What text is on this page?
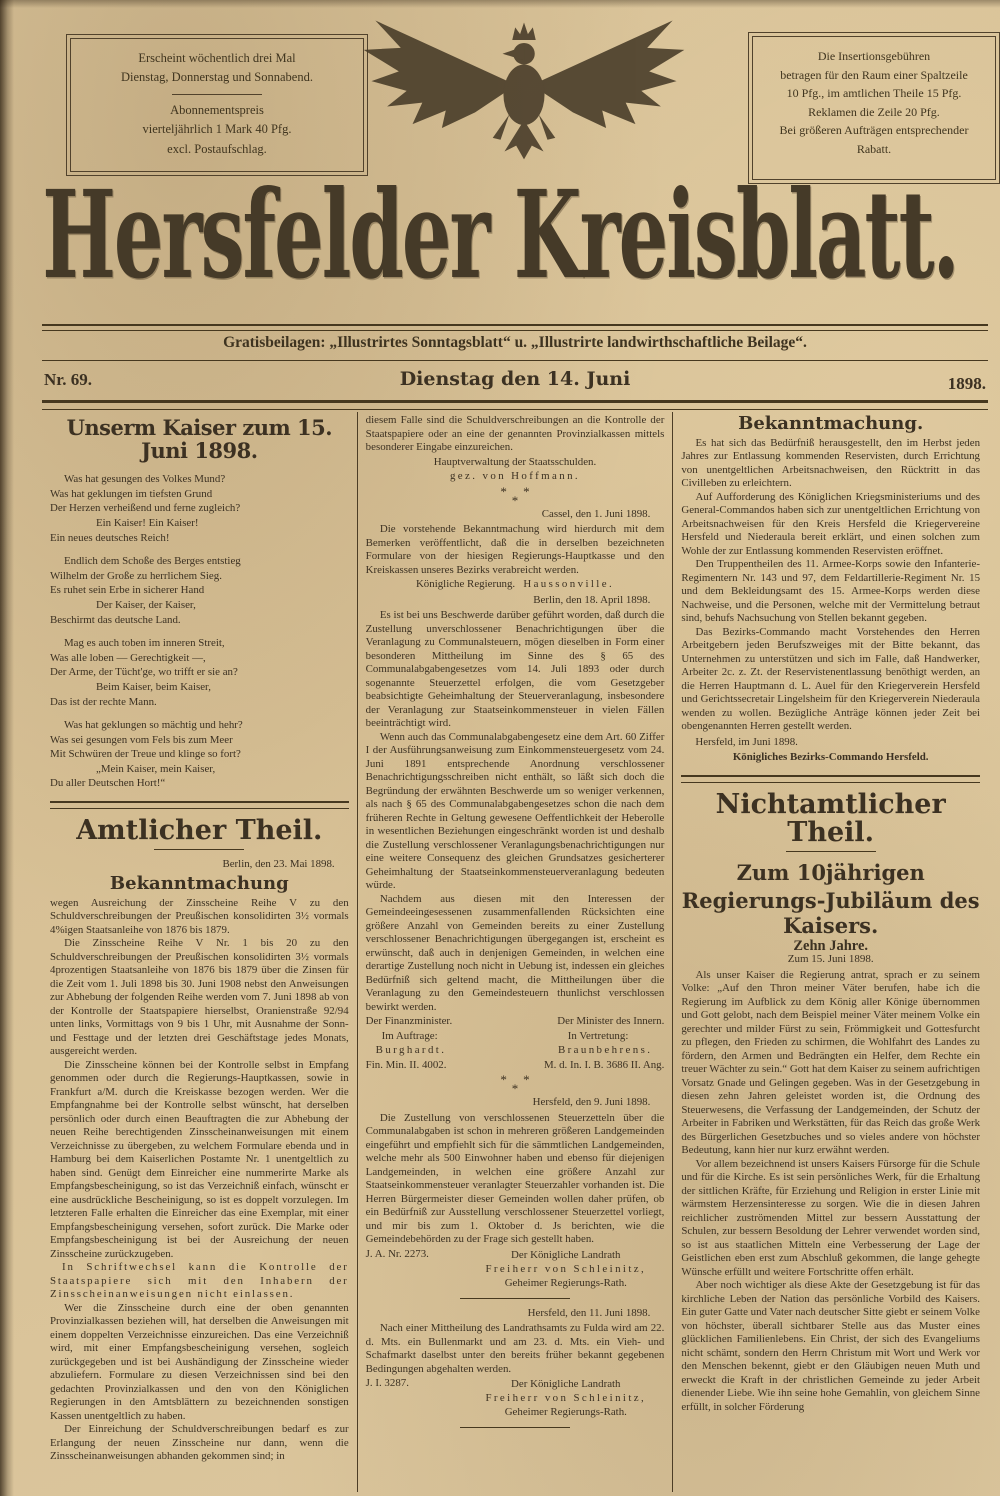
Erscheint wöchentlich drei Mal
Dienstag, Donnerstag und Sonnabend.
Abonnementspreis
vierteljährlich 1 Mark 40 Pfg.
excl. Postaufschlag.
Die Insertionsgebühren
betragen für den Raum einer Spaltzeile
10 Pfg., im amtlichen Theile 15 Pfg.
Reklamen die Zeile 20 Pfg.
Bei größeren Aufträgen entsprechender
Rabatt.
Hersfelder Kreisblatt.
Gratisbeilagen: „Illustrirtes Sonntagsblatt“ u. „Illustrirte landwirthschaftliche Beilage“.
Nr. 69.	Dienstag den 14. Juni	1898.
Unserm Kaiser zum 15. Juni 1898.
Was hat gesungen des Volkes Mund?
Was hat geklungen im tiefsten Grund
Der Herzen verheißend und ferne zugleich?
Ein Kaiser! Ein Kaiser!
Ein neues deutsches Reich!
Endlich dem Schoße des Berges entstieg
Wilhelm der Große zu herrlichem Sieg.
Es ruhet sein Erbe in sicherer Hand
Der Kaiser, der Kaiser,
Beschirmt das deutsche Land.
Mag es auch toben im inneren Streit,
Was alle loben — Gerechtigkeit —,
Der Arme, der Tücht'ge, wo trifft er sie an?
Beim Kaiser, beim Kaiser,
Das ist der rechte Mann.
Was hat geklungen so mächtig und hehr?
Was sei gesungen vom Fels bis zum Meer
Mit Schwüren der Treue und klinge so fort?
„Mein Kaiser, mein Kaiser,
Du aller Deutschen Hort!“
Amtlicher Theil.
Berlin, den 23. Mai 1898.
Bekanntmachung

wegen Ausreichung der Zinsscheine Reihe V zu den Schuldverschreibungen der Preußischen konsolidirten 3½ vormals 4%igen Staatsanleihe von 1876 bis 1879.

Die Zinsscheine Reihe V Nr. 1 bis 20 zu den Schuldverschreibungen der Preußischen konsolidirten 3½ vormals 4prozentigen Staatsanleihe von 1876 bis 1879 über die Zinsen für die Zeit vom 1. Juli 1898 bis 30. Juni 1908 nebst den Anweisungen zur Abhebung der folgenden Reihe werden vom 7. Juni 1898 ab von der Kontrolle der Staatspapiere hierselbst, Oranienstraße 92/94 unten links, Vormittags von 9 bis 1 Uhr, mit Ausnahme der Sonn- und Festtage und der letzten drei Geschäftstage jedes Monats, ausgereicht werden.

Die Zinsscheine können bei der Kontrolle selbst in Empfang genommen oder durch die Regierungs-Hauptkassen, sowie in Frankfurt a/M. durch die Kreiskasse bezogen werden. Wer die Empfangnahme bei der Kontrolle selbst wünscht, hat derselben persönlich oder durch einen Beauftragten die zur Abhebung der neuen Reihe berechtigenden Zinsscheinanweisungen mit einem Verzeichnisse zu übergeben, zu welchem Formulare ebenda und in Hamburg bei dem Kaiserlichen Postamte Nr. 1 unentgeltlich zu haben sind. Genügt dem Einreicher eine nummerirte Marke als Empfangsbescheinigung, so ist das Verzeichniß einfach, wünscht er eine ausdrückliche Bescheinigung, so ist es doppelt vorzulegen. Im letzteren Falle erhalten die Einreicher das eine Exemplar, mit einer Empfangsbescheinigung versehen, sofort zurück. Die Marke oder Empfangsbescheinigung ist bei der Ausreichung der neuen Zinsscheine zurückzugeben.

In Schriftwechsel kann die Kontrolle der Staatspapiere sich mit den Inhabern der Zinsscheinanweisungen nicht einlassen.

Wer die Zinsscheine durch eine der oben genannten Provinzialkassen beziehen will, hat derselben die Anweisungen mit einem doppelten Verzeichnisse einzureichen. Das eine Verzeichniß wird, mit einer Empfangsbescheinigung versehen, sogleich zurückgegeben und ist bei Aushändigung der Zinsscheine wieder abzuliefern. Formulare zu diesen Verzeichnissen sind bei den gedachten Provinzialkassen und den von den Königlichen Regierungen in den Amtsblättern zu bezeichnenden sonstigen Kassen unentgeltlich zu haben.

Der Einreichung der Schuldverschreibungen bedarf es zur Erlangung der neuen Zinsscheine nur dann, wenn die Zinsscheinanweisungen abhanden gekommen sind; in

diesem Falle sind die Schuldverschreibungen an die Kontrolle der Staatspapiere oder an eine der genannten Provinzialkassen mittels besonderer Eingabe einzureichen.

Hauptverwaltung der Staatsschulden.
gez. von Hoffmann.
* *
*
Cassel, den 1. Juni 1898.

Die vorstehende Bekanntmachung wird hierdurch mit dem Bemerken veröffentlicht, daß die in derselben bezeichneten Formulare von der hiesigen Regierungs-Hauptkasse und den Kreiskassen unseres Bezirks verabreicht werden.

Königliche Regierung. Haussonville.
Berlin, den 18. April 1898.

Es ist bei uns Beschwerde darüber geführt worden, daß durch die Zustellung unverschlossener Benachrichtigungen über die Veranlagung zu Communalsteuern, mögen dieselben in Form einer besonderen Mittheilung im Sinne des § 65 des Communalabgabengesetzes vom 14. Juli 1893 oder durch sogenannte Steuerzettel erfolgen, die vom Gesetzgeber beabsichtigte Geheimhaltung der Steuerveranlagung, insbesondere der Veranlagung zur Staatseinkommensteuer in vielen Fällen beeinträchtigt wird.

Wenn auch das Communalabgabengesetz eine dem Art. 60 Ziffer I der Ausführungsanweisung zum Einkommensteuergesetz vom 24. Juni 1891 entsprechende Anordnung verschlossener Benachrichtigungsschreiben nicht enthält, so läßt sich doch die Begründung der erwähnten Beschwerde um so weniger verkennen, als nach § 65 des Communalabgabengesetzes schon die nach dem früheren Rechte in Geltung gewesene Oeffentlichkeit der Heberolle in wesentlichen Beziehungen eingeschränkt worden ist und deshalb die Zustellung verschlossener Veranlagungsbenachrichtigungen nur eine weitere Consequenz des gleichen Grundsatzes gesicherterer Geheimhaltung der Staatseinkommensteuerveranlagung bedeuten würde.

Nachdem aus diesen mit den Interessen der Gemeindeeingesessenen zusammenfallenden Rücksichten eine größere Anzahl von Gemeinden bereits zu einer Zustellung verschlossener Benachrichtigungen übergegangen ist, erscheint es erwünscht, daß auch in denjenigen Gemeinden, in welchen eine derartige Zustellung noch nicht in Uebung ist, indessen ein gleiches Bedürfniß sich geltend macht, die Mittheilungen über die Veranlagung zu den Gemeindesteuern thunlichst verschlossen bewirkt werden.

Der Finanzminister.	Der Minister des Innern.
Im Auftrage:	In Vertretung:
Burghardt.	Braunbehrens.
Fin. Min. II. 4002.	M. d. In. I. B. 3686 II. Ang.
* *
*
Hersfeld, den 9. Juni 1898.

Die Zustellung von verschlossenen Steuerzetteln über die Communalabgaben ist schon in mehreren größeren Landgemeinden eingeführt und empfiehlt sich für die sämmtlichen Landgemeinden, welche mehr als 500 Einwohner haben und ebenso für diejenigen Landgemeinden, in welchen eine größere Anzahl zur Staatseinkommensteuer veranlagter Steuerzahler vorhanden ist. Die Herren Bürgermeister dieser Gemeinden wollen daher prüfen, ob ein Bedürfniß zur Ausstellung verschlossener Steuerzettel vorliegt, und mir bis zum 1. Oktober d. Js berichten, wie die Gemeindebehörden zu der Frage sich gestellt haben.

J. A. Nr. 2273.	Der Königliche Landrath
Freiherr von Schleinitz,
Geheimer Regierungs-Rath.
Hersfeld, den 11. Juni 1898.

Nach einer Mittheilung des Landrathsamts zu Fulda wird am 22. d. Mts. ein Bullenmarkt und am 23. d. Mts. ein Vieh- und Schafmarkt daselbst unter den bereits früher bekannt gegebenen Bedingungen abgehalten werden.

J. I. 3287.	Der Königliche Landrath
Freiherr von Schleinitz,
Geheimer Regierungs-Rath.
Bekanntmachung.

Es hat sich das Bedürfniß herausgestellt, den im Herbst jeden Jahres zur Entlassung kommenden Reservisten, durch Errichtung von unentgeltlichen Arbeitsnachweisen, den Rücktritt in das Civilleben zu erleichtern.

Auf Aufforderung des Königlichen Kriegsministeriums und des General-Commandos haben sich zur unentgeltlichen Errichtung von Arbeitsnachweisen für den Kreis Hersfeld die Kriegervereine Hersfeld und Niederaula bereit erklärt, und einen solchen zum Wohle der zur Entlassung kommenden Reservisten eröffnet.

Den Truppentheilen des 11. Armee-Korps sowie den Infanterie-Regimentern Nr. 143 und 97, dem Feldartillerie-Regiment Nr. 15 und dem Bekleidungsamt des 15. Armee-Korps werden diese Nachweise, und die Personen, welche mit der Vermittelung betraut sind, behufs Nachsuchung von Stellen bekannt gegeben.

Das Bezirks-Commando macht Vorstehendes den Herren Arbeitgebern jeden Berufszweiges mit der Bitte bekannt, das Unternehmen zu unterstützen und sich im Falle, daß Handwerker, Arbeiter 2c. z. Zt. der Reservistenentlassung benöthigt werden, an die Herren Hauptmann d. L. Auel für den Kriegerverein Hersfeld und Gerichtssecretair Lingelsheim für den Kriegerverein Niederaula wenden zu wollen. Bezügliche Anträge können jeder Zeit bei obengenannten Herren gestellt werden.

Hersfeld, im Juni 1898.
Königliches Bezirks-Commando Hersfeld.
Nichtamtlicher Theil.
Zum 10jährigen
Regierungs-Jubiläum des Kaisers.
Zehn Jahre.
Zum 15. Juni 1898.

Als unser Kaiser die Regierung antrat, sprach er zu seinem Volke: „Auf den Thron meiner Väter berufen, habe ich die Regierung im Aufblick zu dem König aller Könige übernommen und Gott gelobt, nach dem Beispiel meiner Väter meinem Volke ein gerechter und milder Fürst zu sein, Frömmigkeit und Gottesfurcht zu pflegen, den Frieden zu schirmen, die Wohlfahrt des Landes zu fördern, den Armen und Bedrängten ein Helfer, dem Rechte ein treuer Wächter zu sein.“ Gott hat dem Kaiser zu seinem aufrichtigen Vorsatz Gnade und Gelingen gegeben. Was in der Gesetzgebung in diesen zehn Jahren geleistet worden ist, die Ordnung des Steuerwesens, die Verfassung der Landgemeinden, der Schutz der Arbeiter in Fabriken und Werkstätten, für das Reich das große Werk des Bürgerlichen Gesetzbuches und so vieles andere von höchster Bedeutung, kann hier nur kurz erwähnt werden.

Vor allem bezeichnend ist unsers Kaisers Fürsorge für die Schule und für die Kirche. Es ist sein persönliches Werk, für die Erhaltung der sittlichen Kräfte, für Erziehung und Religion in erster Linie mit wärmstem Herzensinteresse zu sorgen. Wie die in diesen Jahren reichlicher zuströmenden Mittel zur bessern Ausstattung der Schulen, zur bessern Besoldung der Lehrer verwendet worden sind, so ist aus staatlichen Mitteln eine Verbesserung der Lage der Geistlichen eben erst zum Abschluß gekommen, die lange gehegte Wünsche erfüllt und weitere Fortschritte offen erhält.

Aber noch wichtiger als diese Akte der Gesetzgebung ist für das kirchliche Leben der Nation das persönliche Vorbild des Kaisers. Ein guter Gatte und Vater nach deutscher Sitte giebt er seinem Volke von höchster, überall sichtbarer Stelle aus das Muster eines glücklichen Familienlebens. Ein Christ, der sich des Evangeliums nicht schämt, sondern den Herrn Christum mit Wort und Werk vor den Menschen bekennt, giebt er den Gläubigen neuen Muth und erweckt die Kraft in der christlichen Gemeinde zu jeder Arbeit dienender Liebe. Wie ihn seine hohe Gemahlin, von gleichem Sinne erfüllt, in solcher Förderung
